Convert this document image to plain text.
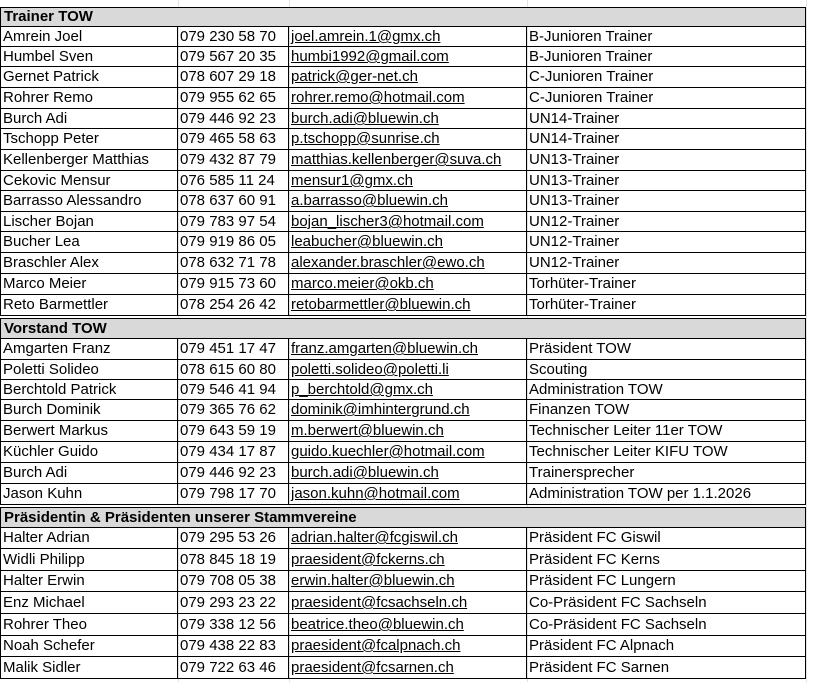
Trainer TOW
Amrein Joel	079 230 58 70	joel.amrein.1@gmx.ch	B-Junioren Trainer
Humbel Sven	079 567 20 35	humbi1992@gmail.com	B-Junioren Trainer
Gernet Patrick	078 607 29 18	patrick@ger-net.ch	C-Junioren Trainer
Rohrer Remo	079 955 62 65	rohrer.remo@hotmail.com	C-Junioren Trainer
Burch Adi	079 446 92 23	burch.adi@bluewin.ch	UN14-Trainer
Tschopp Peter	079 465 58 63	p.tschopp@sunrise.ch	UN14-Trainer
Kellenberger Matthias	079 432 87 79	matthias.kellenberger@suva.ch	UN13-Trainer
Cekovic Mensur	076 585 11 24	mensur1@gmx.ch	UN13-Trainer
Barrasso Alessandro	078 637 60 91	a.barrasso@bluewin.ch	UN13-Trainer
Lischer Bojan	079 783 97 54	bojan_lischer3@hotmail.com	UN12-Trainer
Bucher Lea	079 919 86 05	leabucher@bluewin.ch	UN12-Trainer
Braschler Alex	078 632 71 78	alexander.braschler@ewo.ch	UN12-Trainer
Marco Meier	079 915 73 60	marco.meier@okb.ch	Torhüter-Trainer
Reto Barmettler	078 254 26 42	retobarmettler@bluewin.ch	Torhüter-Trainer
Vorstand TOW
Amgarten Franz	079 451 17 47	franz.amgarten@bluewin.ch	Präsident TOW
Poletti Solideo	078 615 60 80	poletti.solideo@poletti.li	Scouting
Berchtold Patrick	079 546 41 94	p_berchtold@gmx.ch	Administration TOW
Burch Dominik	079 365 76 62	dominik@imhintergrund.ch	Finanzen TOW
Berwert Markus	079 643 59 19	m.berwert@bluewin.ch	Technischer Leiter 11er TOW
Küchler Guido	079 434 17 87	guido.kuechler@hotmail.com	Technischer Leiter KIFU TOW
Burch Adi	079 446 92 23	burch.adi@bluewin.ch	Trainersprecher
Jason Kuhn	079 798 17 70	jason.kuhn@hotmail.com	Administration TOW per 1.1.2026
Präsidentin & Präsidenten unserer Stammvereine
Halter Adrian	079 295 53 26	adrian.halter@fcgiswil.ch	Präsident FC Giswil
Widli Philipp	078 845 18 19	praesident@fckerns.ch	Präsident FC Kerns
Halter Erwin	079 708 05 38	erwin.halter@bluewin.ch	Präsident FC Lungern
Enz Michael	079 293 23 22	praesident@fcsachseln.ch	Co-Präsident FC Sachseln
Rohrer Theo	079 338 12 56	beatrice.theo@bluewin.ch	Co-Präsident FC Sachseln
Noah Schefer	079 438 22 83	praesident@fcalpnach.ch	Präsident FC Alpnach
Malik Sidler	079 722 63 46	praesident@fcsarnen.ch	Präsident FC Sarnen
